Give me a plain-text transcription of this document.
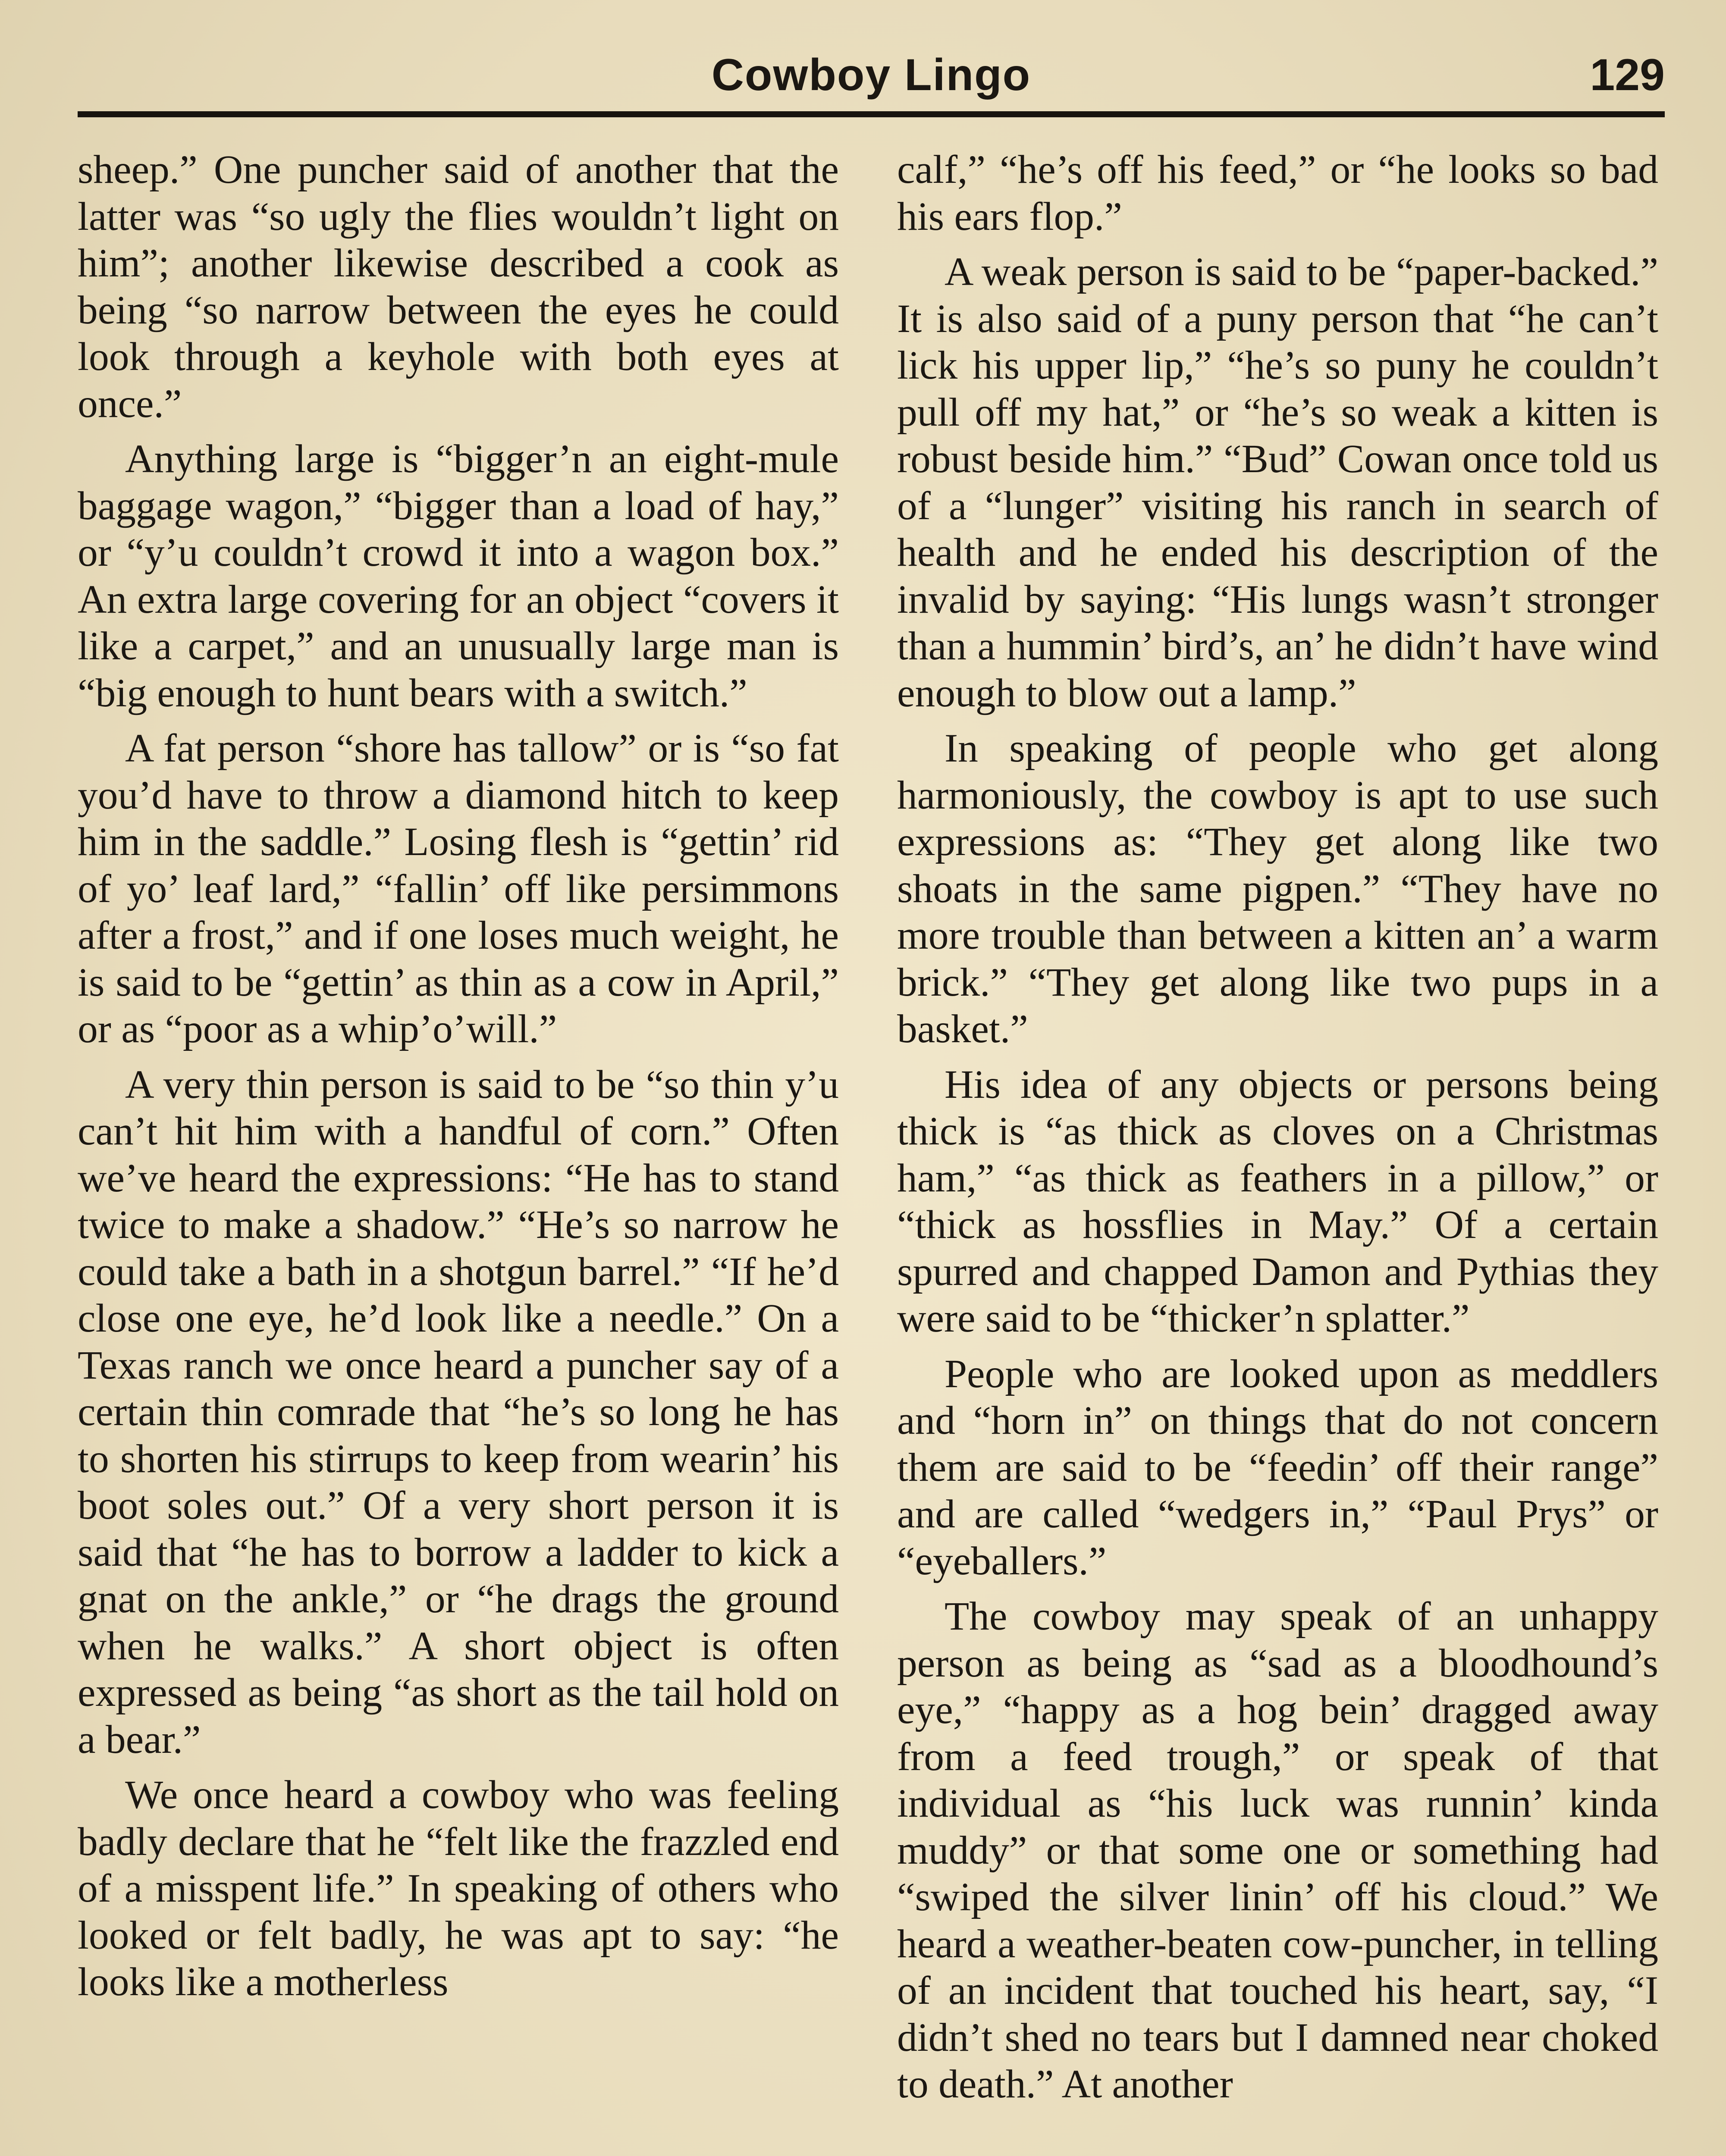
Cowboy Lingo	129

sheep.” One puncher said of another that the latter was “so ugly the flies wouldn’t light on him”; another likewise described a cook as being “so narrow between the eyes he could look through a keyhole with both eyes at once.”

Anything large is “bigger’n an eight-mule baggage wagon,” “bigger than a load of hay,” or “y’u couldn’t crowd it into a wagon box.” An extra large covering for an object “covers it like a carpet,” and an unusually large man is “big enough to hunt bears with a switch.”

A fat person “shore has tallow” or is “so fat you’d have to throw a diamond hitch to keep him in the saddle.” Losing flesh is “gettin’ rid of yo’ leaf lard,” “fallin’ off like persimmons after a frost,” and if one loses much weight, he is said to be “gettin’ as thin as a cow in April,” or as “poor as a whip’o’will.”

A very thin person is said to be “so thin y’u can’t hit him with a handful of corn.” Often we’ve heard the expressions: “He has to stand twice to make a shadow.” “He’s so narrow he could take a bath in a shotgun barrel.” “If he’d close one eye, he’d look like a needle.” On a Texas ranch we once heard a puncher say of a certain thin comrade that “he’s so long he has to shorten his stirrups to keep from wearin’ his boot soles out.” Of a very short person it is said that “he has to borrow a ladder to kick a gnat on the ankle,” or “he drags the ground when he walks.” A short object is often expressed as being “as short as the tail hold on a bear.”

We once heard a cowboy who was feeling badly declare that he “felt like the frazzled end of a misspent life.” In speaking of others who looked or felt badly, he was apt to say: “he looks like a motherless

calf,” “he’s off his feed,” or “he looks so bad his ears flop.”

A weak person is said to be “paper-backed.” It is also said of a puny person that “he can’t lick his upper lip,” “he’s so puny he couldn’t pull off my hat,” or “he’s so weak a kitten is robust beside him.” “Bud” Cowan once told us of a “lunger” visiting his ranch in search of health and he ended his description of the invalid by saying: “His lungs wasn’t stronger than a hummin’ bird’s, an’ he didn’t have wind enough to blow out a lamp.”

In speaking of people who get along harmoniously, the cowboy is apt to use such expressions as: “They get along like two shoats in the same pigpen.” “They have no more trouble than between a kitten an’ a warm brick.” “They get along like two pups in a basket.”

His idea of any objects or persons being thick is “as thick as cloves on a Christmas ham,” “as thick as feathers in a pillow,” or “thick as hossflies in May.” Of a certain spurred and chapped Damon and Pythias they were said to be “thicker’n splatter.”

People who are looked upon as meddlers and “horn in” on things that do not concern them are said to be “feedin’ off their range” and are called “wedgers in,” “Paul Prys” or “eyeballers.”

The cowboy may speak of an unhappy person as being as “sad as a bloodhound’s eye,” “happy as a hog bein’ dragged away from a feed trough,” or speak of that individual as “his luck was runnin’ kinda muddy” or that some one or something had “swiped the silver linin’ off his cloud.” We heard a weather-beaten cow-puncher, in telling of an incident that touched his heart, say, “I didn’t shed no tears but I damned near choked to death.” At another
